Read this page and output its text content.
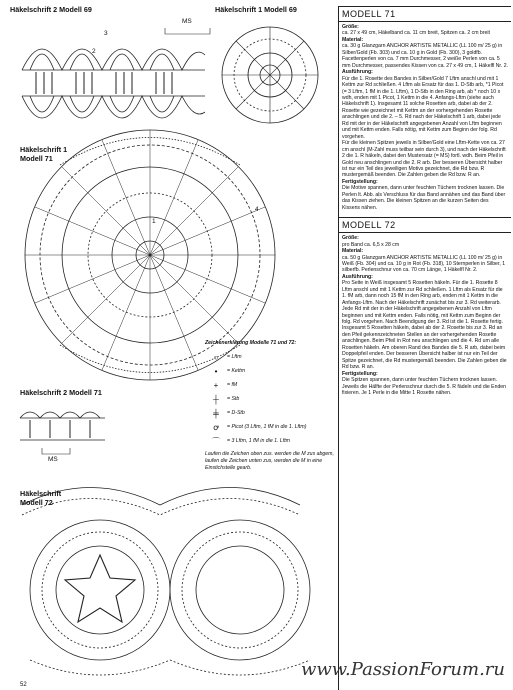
Häkelschrift 2 Modell 69	Häkelschrift 1 Modell 69
MS
3
2
Häkelschrift 1
Modell 71
4
1
Häkelschrift 2 Modell 71
MS
Häkelschrift
Modell 72
Zeichenerklärung Modelle 71 und 72:
○	= Lftm
•	= Kettm
+	= fM
┼	= Stb
╪	= D-Stb
ꝍ	= Picot (3 Lftm, 1 fM in die 1. Lftm)
⌒	= 3 Lftm, 1 fM in die 1. Lftm
Laufen die Zeichen oben zus. werden die M zus abgem, laufen die Zeichen unten zus, werden die M in eine Einstichstelle gearb.
MODELL 71
Größe:

ca. 27 x 49 cm, Häkelband ca. 11 cm breit, Spitzen ca. 2 cm breit

Material:

ca. 30 g Glanzgarn ANCHOR ARTISTE METALLIC (LL 100 m/ 25 g) in Silber/Gold (Fb. 303) und ca. 10 g in Gold (Fb. 300), 3 goldfb. Facettenperlen von ca. 7 mm Durchmesser, 2 weiße Perlen von ca. 5 mm Durchmesser, passendes Kissen von ca. 27 x 49 cm, 1 Häkelfl Nr. 2.

Ausführung:

Für die 1. Rosette des Bandes in Silber/Gold 7 Lftm anschl und mit 1 Kettm zur Rd schließen. 4 Lftm als Ersatz für das 1. D-Stb arb, *1 Picot (= 3 Lftm, 1 fM in die 1. Lftm), 1 D-Stb in den Ring arb, ab * noch 10 x wdh, enden mit 1 Picot, 1 Kettm in die 4. Anfangs-Lftm (siehe auch Häkelschrift 1). Insgesamt 11 solche Rosetten arb, dabei ab der 2. Rosette wie gezeichnet mit Kettm an der vorhergehenden Rosette anschlingen und die 2. – 5. Rd nach der Häkelschrift 1 arb, dabei jede Rd mit der in der Häkelschrift angegebenen Anzahl von Lftm beginnen und mit Kettm enden. Falls nötig, mit Kettm zum Beginn der folg. Rd vorgehen.

Für die kleinen Spitzen jeweils in Silber/Gold eine Lftm-Kette von ca. 27 cm anschl (M-Zahl muss teilbar sein durch 3), und nach der Häkelschrift 2 die 1. R häkeln, dabei den Mustersatz (= MS) fortl. wdh. Beim Pfeil in Gold neu anschlingen und die 2. R arb. Der besseren Übersicht halber ist nur ein Teil des jeweiligen Motivs gezeichnet, die Rd bzw. R mustergemäß beenden. Die Zahlen geben die Rd bzw. R an.

Fertigstellung:

Die Motive spannen, dann unter feuchten Tüchern trocknen lassen. Die Perlen lt. Abb. als Verschluss für das Band annähen und das Band über das Kissen ziehen. Die kleinen Spitzen an die kurzen Seiten des Kissens nähen.

MODELL 72
Größe:

pro Band ca. 6,5 x 28 cm

Material:

ca. 50 g Glanzgarn ANCHOR ARTISTE METALLIC (LL 100 m/ 25 g) in Weiß (Fb. 304) und ca. 10 g in Rot (Fb. 318), 10 Sternperlen in Silber, 1 silberfb. Perlenschnur von ca. 70 cm Länge, 1 Häkelfl Nr. 2.

Ausführung:

Pro Seite in Weiß insgesamt 5 Rosetten häkeln. Für die 1. Rosette 8 Lftm anschl und mit 1 Kettm zur Rd schließen. 1 Lftm als Ersatz für die 1. fM arb, dann noch 15 fM in den Ring arb, enden mit 1 Kettm in die Anfangs-Lftm. Nach der Häkelschrift zunächst bis zur 3. Rd weiterarb. Jede Rd mit der in der Häkelschrift angegebenen Anzahl von Lftm beginnen und mit Kettm enden. Falls nötig, mit Kettm zum Beginn der folg. Rd vorgehen. Nach Beendigung der 3. Rd ist die 1. Rosette fertig. Insgesamt 5 Rosetten häkeln, dabei ab der 2. Rosette bis zur 3. Rd an den Pfeil gekennzeichneten Stellen an der vorhergehenden Rosette anschlingen. Beim Pfeil in Rot neu anschlingen und die 4. Rd um alle Rosetten häkeln. Am oberen Rand des Bandes die 5. R arb, dabei beim Doppelpfeil enden. Der besseren Übersicht halber ist nur ein Teil der Spitze gezeichnet, die Rd mustergemäß beenden. Die Zahlen geben die Rd bzw. R an.

Fertigstellung:

Die Spitzen spannen, dann unter feuchten Tüchern trocknen lassen. Jeweils die Hälfte der Perlenschnur durch die 5. R fädeln und die Enden fixieren. Je 1 Perle in die Mitte 1 Rosette nähen.

www.PassionForum.ru
52
